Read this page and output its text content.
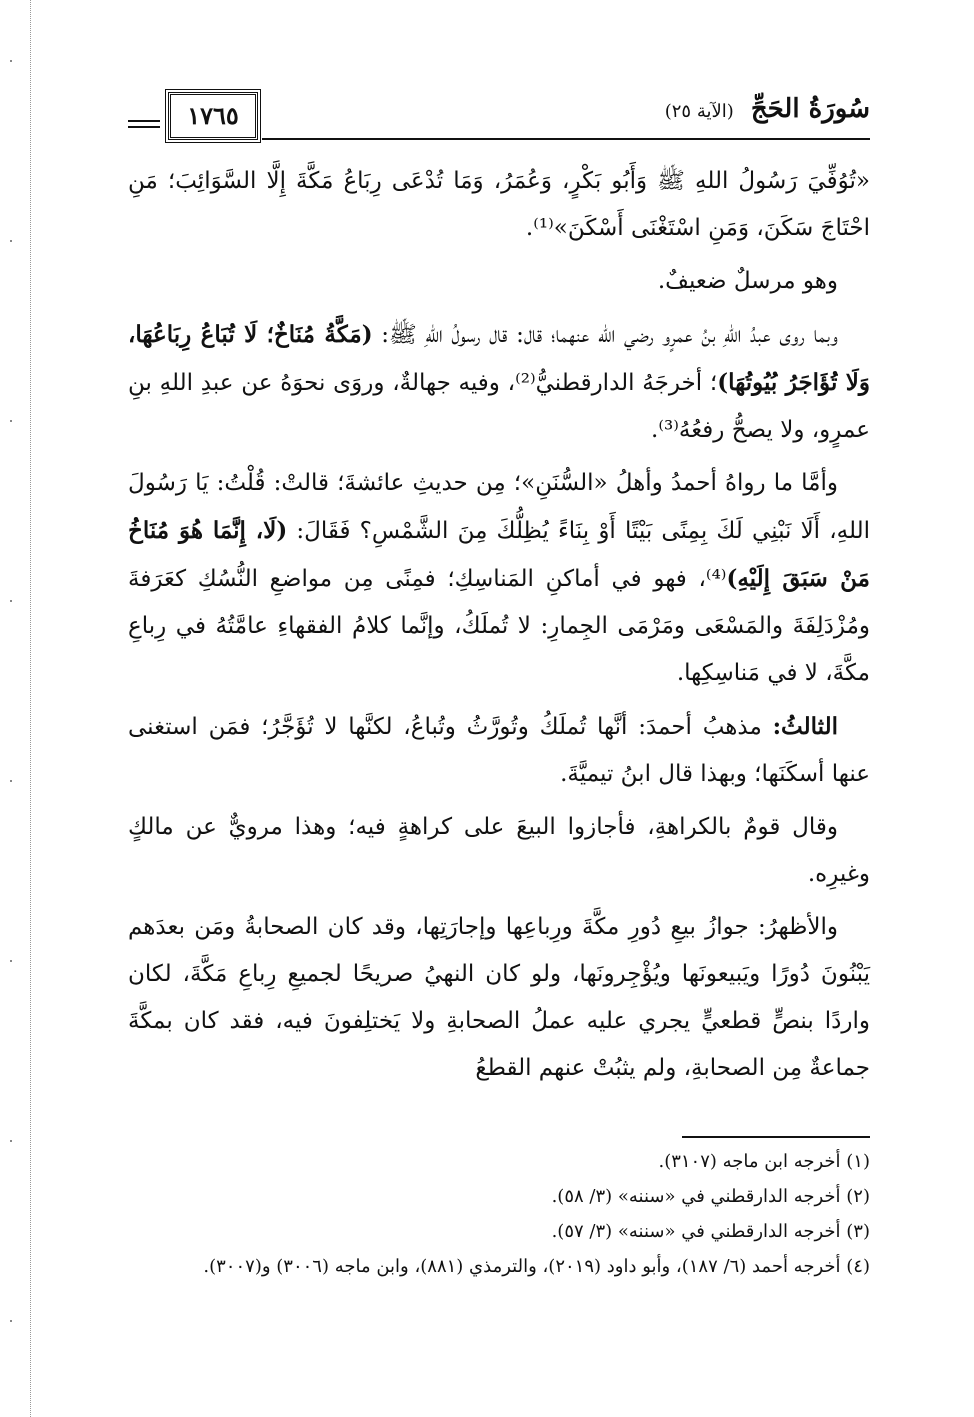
سُورَةُ الحَجِّ (الآية ٢٥)
١٧٦٥

«تُوُفِّيَ رَسُولُ اللهِ ﷺ وَأَبُو بَكْرٍ، وَعُمَرُ، وَمَا تُدْعَى رِبَاعُ مَكَّةَ إِلَّا السَّوَائِبَ؛ مَنِ احْتَاجَ سَكَنَ، وَمَنِ اسْتَغْنَى أَسْكَنَ»⁽¹⁾.

وهو مرسلٌ ضعيفٌ.

وبما روى عبدُ اللهِ بنُ عمرٍو رضي الله عنهما؛ قال: قال رسولُ اللهِ ﷺ: (مَكَّةُ مُنَاخٌ؛ لَا تُبَاعُ رِبَاعُهَا، وَلَا تُؤَاجَرُ بُيُوتُهَا)؛ أخرجَهُ الدارقطنيُّ⁽²⁾، وفيه جهالةٌ، وروَى نحوَهُ عن عبدِ اللهِ بنِ عمرٍو، ولا يصحُّ رفعُهُ⁽³⁾.

وأمَّا ما رواهُ أحمدُ وأهلُ «السُّنَنِ»؛ مِن حديثِ عائشةَ؛ قالتْ: قُلْتُ: يَا رَسُولَ اللهِ، أَلَا نَبْنِي لَكَ بِمِنًى بَيْتًا أَوْ بِنَاءً يُظِلُّكَ مِنَ الشَّمْسِ؟ فَقَالَ: (لَا، إِنَّمَا هُوَ مُنَاخُ مَنْ سَبَقَ إِلَيْهِ)⁽⁴⁾، فهو في أماكنِ المَناسِكِ؛ فمِنًى مِن مواضعِ النُّسُكِ كعَرَفةَ ومُزْدَلِفَةَ والمَسْعَى ومَرْمَى الجِمارِ: لا تُملَكُ، وإنَّما كلامُ الفقهاءِ عامَّتُهُ في رِباعِ مكَّةَ، لا في مَناسِكِها.

الثالثُ: مذهبُ أحمدَ: أنَّها تُملَكُ وتُورَّثُ وتُباعُ، لكنَّها لا تُؤَجَّرُ؛ فمَن استغنى عنها أسكَنَها؛ وبهذا قال ابنُ تيميَّةَ.

وقال قومٌ بالكراهةِ، فأجازوا البيعَ على كراهةٍ فيه؛ وهذا مرويٌّ عن مالكٍ وغيرِه.

والأظهرُ: جوازُ بيعِ دُورِ مكَّةَ ورِباعِها وإجارَتِها، وقد كان الصحابةُ ومَن بعدَهم يَبْنُونَ دُورًا ويَبيعونَها ويُؤْجِرونَها، ولو كان النهيُ صريحًا لجميعِ رِباعِ مَكَّةَ، لكان واردًا بنصٍّ قطعيٍّ يجري عليه عملُ الصحابةِ ولا يَختلِفونَ فيه، فقد كان بمكَّةَ جماعةٌ مِن الصحابةِ، ولم يثبُتْ عنهم القطعُ

(١) أخرجه ابن ماجه (٣١٠٧).
(٢) أخرجه الدارقطني في «سننه» (٣/ ٥٨).
(٣) أخرجه الدارقطني في «سننه» (٣/ ٥٧).
(٤) أخرجه أحمد (٦/ ١٨٧)، وأبو داود (٢٠١٩)، والترمذي (٨٨١)، وابن ماجه (٣٠٠٦) و(٣٠٠٧).
